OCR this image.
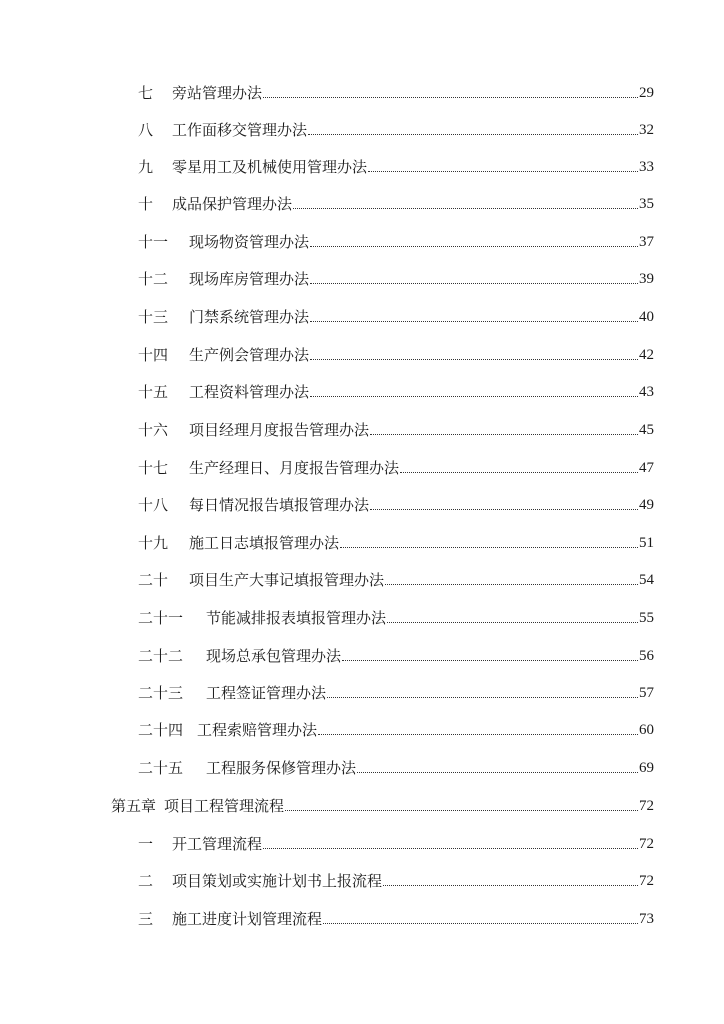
七	旁站管理办法	29
八	工作面移交管理办法	32
九	零星用工及机械使用管理办法	33
十	成品保护管理办法	35
十一	现场物资管理办法	37
十二	现场库房管理办法	39
十三	门禁系统管理办法	40
十四	生产例会管理办法	42
十五	工程资料管理办法	43
十六	项目经理月度报告管理办法	45
十七	生产经理日、月度报告管理办法	47
十八	每日情况报告填报管理办法	49
十九	施工日志填报管理办法	51
二十	项目生产大事记填报管理办法	54
二十一	节能减排报表填报管理办法	55
二十二	现场总承包管理办法	56
二十三	工程签证管理办法	57
二十四 工程索赔管理办法	60
二十五	工程服务保修管理办法	69
第五章 项目工程管理流程	72
一	开工管理流程	72
二	项目策划或实施计划书上报流程	72
三	施工进度计划管理流程	73
